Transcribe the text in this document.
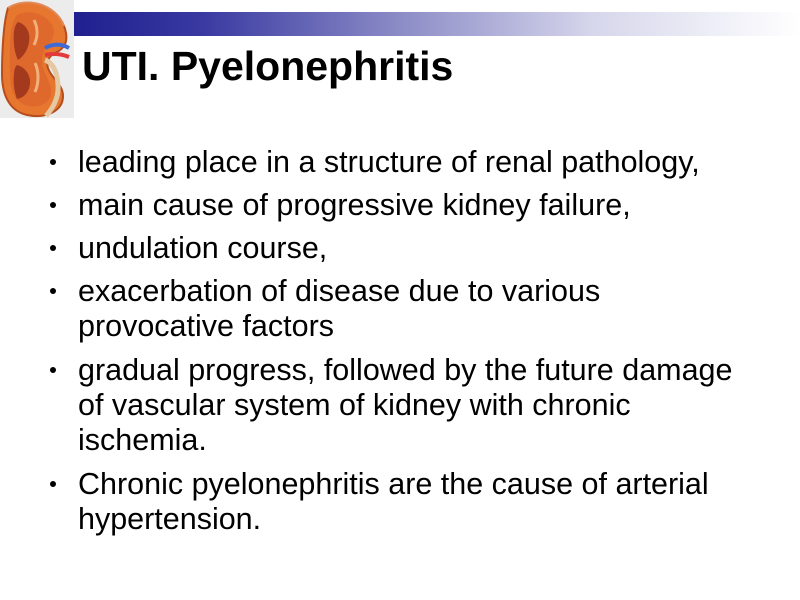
UTI. Pyelonephritis
leading place in a structure of renal pathology,
main cause of progressive kidney failure,
undulation course,
exacerbation of disease due to various provocative factors
gradual progress, followed by the future damage of vascular system of kidney with chronic ischemia.
Chronic pyelonephritis are the cause of arterial hypertension.
